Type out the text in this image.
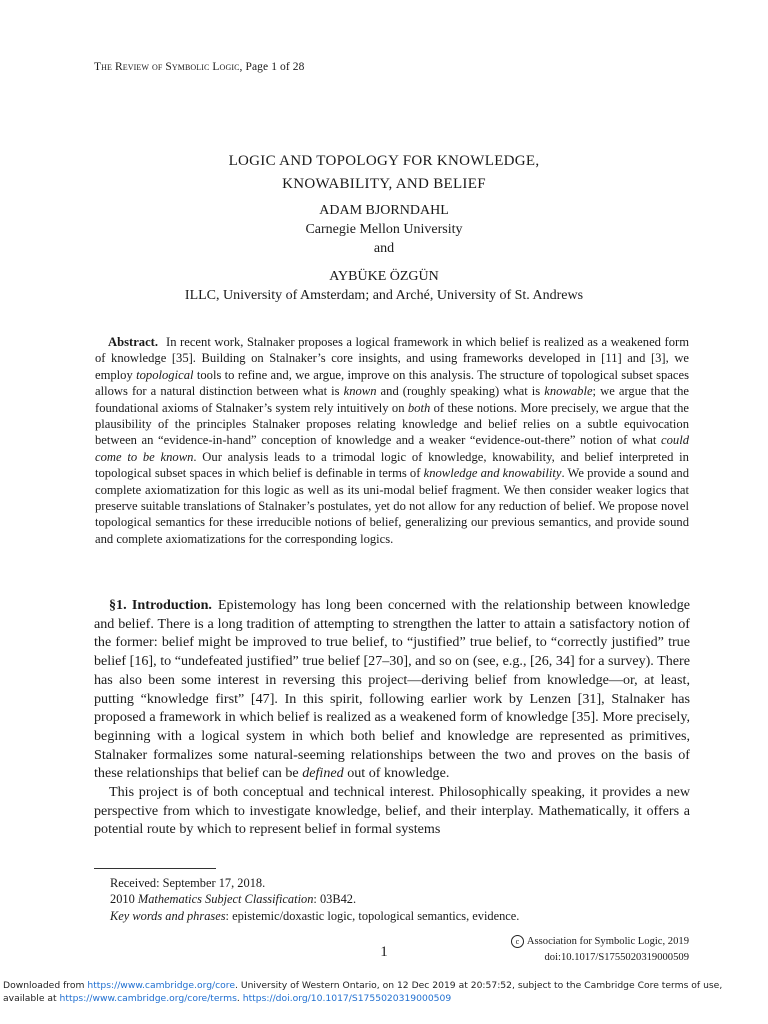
The Review of Symbolic Logic, Page 1 of 28
LOGIC AND TOPOLOGY FOR KNOWLEDGE,
KNOWABILITY, AND BELIEF
ADAM BJORNDAHL
Carnegie Mellon University
and
AYBÜKE ÖZGÜN
ILLC, University of Amsterdam; and Arché, University of St. Andrews
Abstract. In recent work, Stalnaker proposes a logical framework in which belief is realized as a weakened form of knowledge [35]. Building on Stalnaker’s core insights, and using frameworks developed in [11] and [3], we employ topological tools to refine and, we argue, improve on this analysis. The structure of topological subset spaces allows for a natural distinction between what is known and (roughly speaking) what is knowable; we argue that the foundational axioms of Stalnaker’s system rely intuitively on both of these notions. More precisely, we argue that the plausibility of the principles Stalnaker proposes relating knowledge and belief relies on a subtle equivocation between an “evidence-in-hand” conception of knowledge and a weaker “evidence-out-there” notion of what could come to be known. Our analysis leads to a trimodal logic of knowledge, knowability, and belief interpreted in topological subset spaces in which belief is definable in terms of knowledge and knowability. We provide a sound and complete axiomatization for this logic as well as its uni-modal belief fragment. We then consider weaker logics that preserve suitable translations of Stalnaker’s postulates, yet do not allow for any reduction of belief. We propose novel topological semantics for these irreducible notions of belief, generalizing our previous semantics, and provide sound and complete axiomatizations for the corresponding logics.

§1. Introduction. Epistemology has long been concerned with the relationship between knowledge and belief. There is a long tradition of attempting to strengthen the latter to attain a satisfactory notion of the former: belief might be improved to true belief, to “justified” true belief, to “correctly justified” true belief [16], to “undefeated justified” true belief [27–30], and so on (see, e.g., [26, 34] for a survey). There has also been some interest in reversing this project—deriving belief from knowledge—or, at least, putting “knowledge first” [47]. In this spirit, following earlier work by Lenzen [31], Stalnaker has proposed a framework in which belief is realized as a weakened form of knowledge [35]. More precisely, beginning with a logical system in which both belief and knowledge are represented as primitives, Stalnaker formalizes some natural-seeming relationships between the two and proves on the basis of these relationships that belief can be defined out of knowledge.

This project is of both conceptual and technical interest. Philosophically speaking, it provides a new perspective from which to investigate knowledge, belief, and their interplay. Mathematically, it offers a potential route by which to represent belief in formal systems

Received: September 17, 2018.
2010 Mathematics Subject Classification: 03B42.
Key words and phrases: epistemic/doxastic logic, topological semantics, evidence.
c Association for Symbolic Logic, 2019
doi:10.1017/S1755020319000509
1
Downloaded from https://www.cambridge.org/core. University of Western Ontario, on 12 Dec 2019 at 20:57:52, subject to the Cambridge Core terms of use, available at https://www.cambridge.org/core/terms. https://doi.org/10.1017/S1755020319000509
